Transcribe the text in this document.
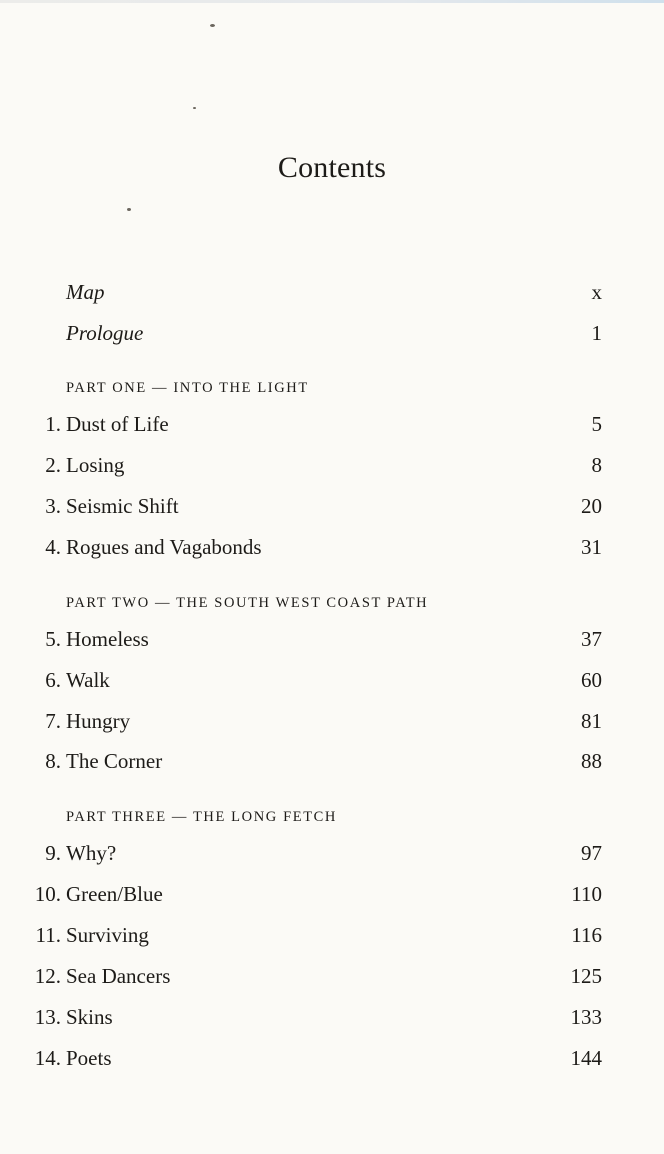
Contents
Map	x
Prologue	1
PART ONE — INTO THE LIGHT
1. Dust of Life	5
2. Losing	8
3. Seismic Shift	20
4. Rogues and Vagabonds	31
PART TWO — THE SOUTH WEST COAST PATH
5. Homeless	37
6. Walk	60
7. Hungry	81
8. The Corner	88
PART THREE — THE LONG FETCH
9. Why?	97
10. Green/Blue	110
11. Surviving	116
12. Sea Dancers	125
13. Skins	133
14. Poets	144
